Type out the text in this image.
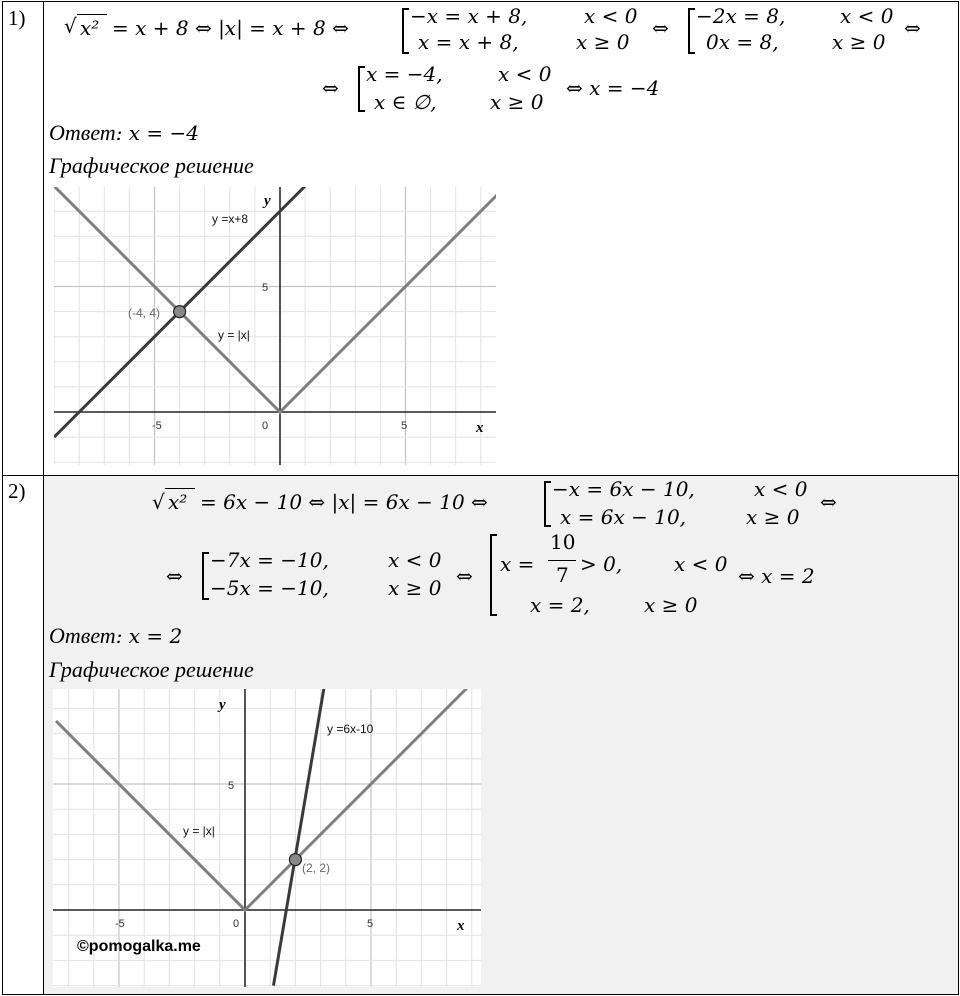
1) √ x² = x + 8 ⇔ |x| = x + 8 ⇔	−x = x + 8,	x < 0
x = x + 8,	x ≥ 0
⇔ −2x = 8,	x < 0
0x = 8,	x ≥ 0
⇔
⇔
x = −4,	x < 0
x ∈ ∅,	x ≥ 0
⇔ x = −4
Ответ: x = −4
Графическое решение
-5	0	5
5
x
y
y =x+8
y = |x|
(-4, 4)
2)	√ x² = 6x − 10 ⇔ |x| = 6x − 10 ⇔
−x = 6x − 10,	x < 0
x = 6x − 10,	x ≥ 0
⇔
⇔
−7x = −10,	x < 0
−5x = −10,	x ≥ 0 ⇔ x =
10
7 > 0,	x < 0
x = 2,	x ≥ 0
⇔ x = 2
Ответ: x = 2
Графическое решение
-5	0	5
5
x
y
y =6x-10
y = |x|
(2, 2)
©pomogalka.me
